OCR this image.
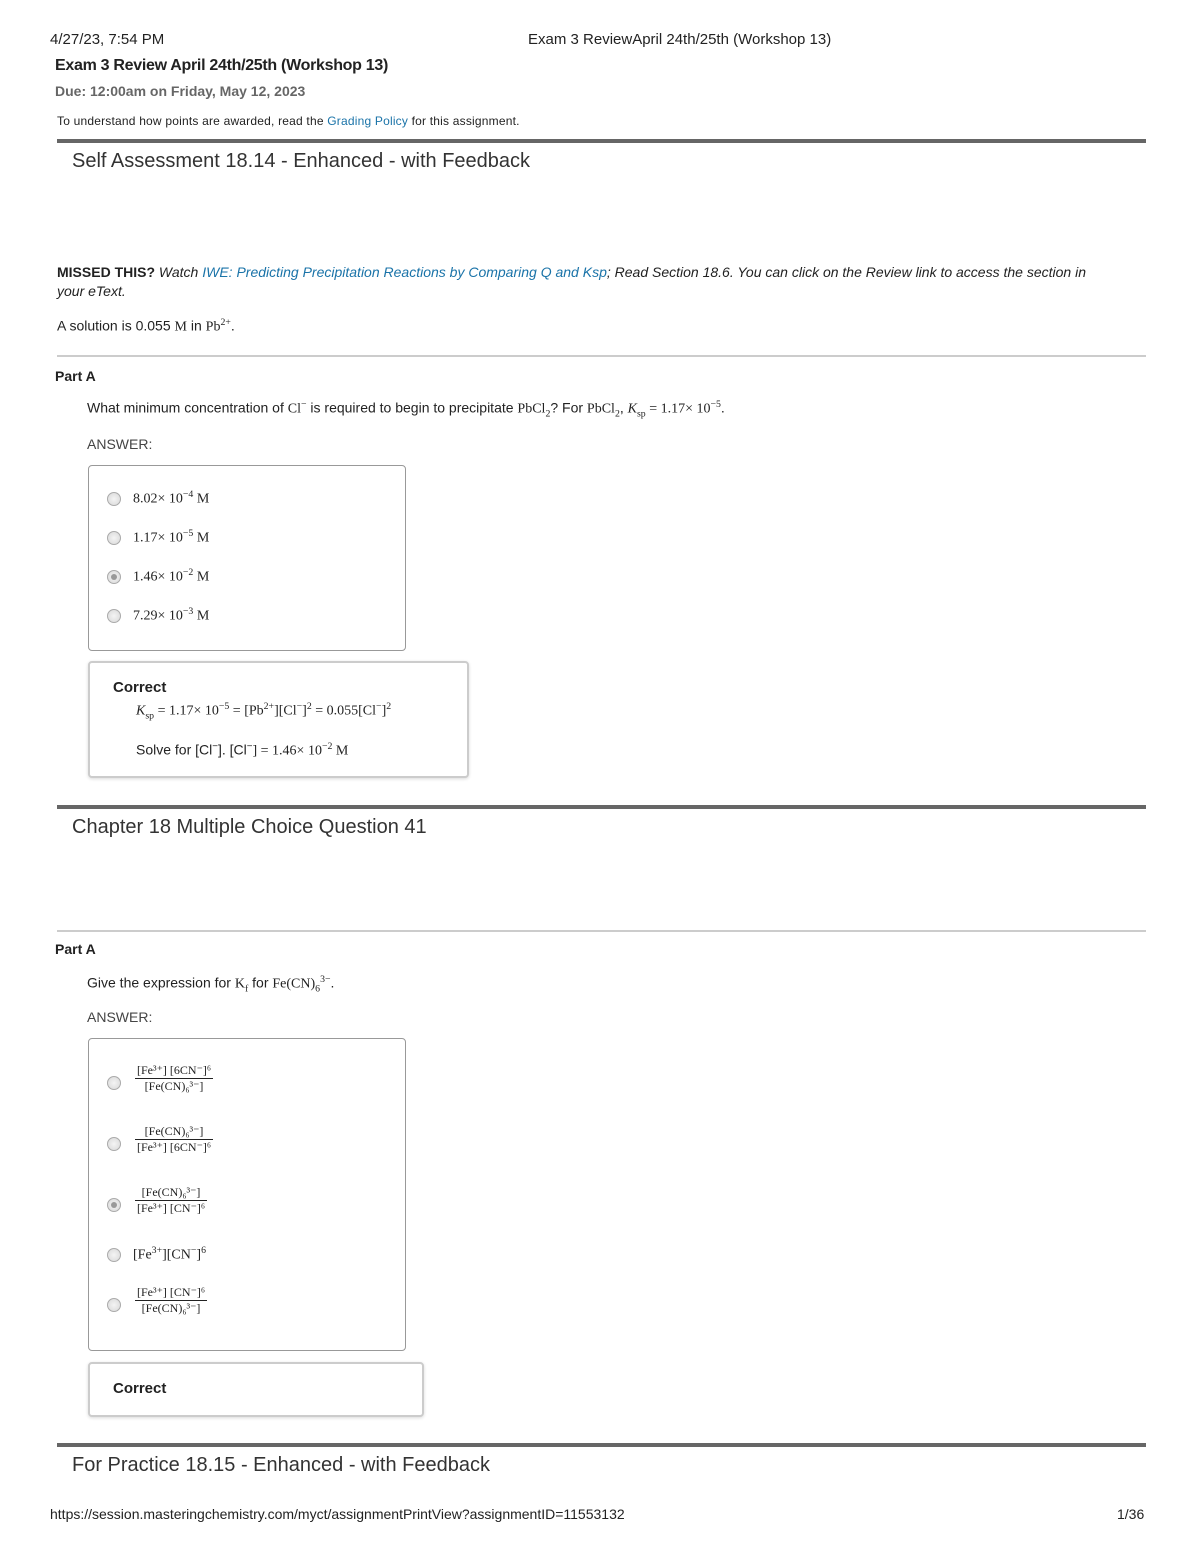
4/27/23, 7:54 PM	Exam 3 ReviewApril 24th/25th (Workshop 13)
Exam 3 Review April 24th/25th (Workshop 13)
Due: 12:00am on Friday, May 12, 2023
To understand how points are awarded, read the Grading Policy for this assignment.
Self Assessment 18.14 - Enhanced - with Feedback
MISSED THIS? Watch IWE: Predicting Precipitation Reactions by Comparing Q and Ksp; Read Section 18.6. You can click on the Review link to access the section in your eText.
A solution is 0.055 M in $Pb^{2+}$.
Part A
What minimum concentration of Cl− is required to begin to precipitate PbCl$_2$? For PbCl$_2$, $K_{sp} = 1.17\times 10^{-5}$.
ANSWER:
$8.02\times 10^{-4}$ M
$1.17\times 10^{-5}$ M
$1.46\times 10^{-2}$ M
$7.29\times 10^{-3}$ M
Correct
$K_{sp} = 1.17\times 10^{-5} = [Pb^{2+}][Cl^-]^2 = 0.055[Cl^-]^2$
Solve for [Cl−]. $[Cl^-] = 1.46\times 10^{-2}$ M
Chapter 18 Multiple Choice Question 41
Part A
Give the expression for $K_f$ for $Fe(CN)_6^{3-}$.
ANSWER:
$\frac{\text{[Fe³⁺] [6CN⁻]⁶}}{\text{[Fe(CN)₆³⁻]}}$
$\frac{\text{[Fe(CN)₆³⁻]}}{\text{[Fe³⁺] [6CN⁻]⁶}}$
$\frac{\text{[Fe(CN)₆³⁻]}}{\text{[Fe³⁺] [CN⁻]⁶}}$
$[Fe^{3+}][CN^-]^6$
$\frac{\text{[Fe³⁺] [CN⁻]⁶}}{\text{[Fe(CN)₆³⁻]}}$
Correct
For Practice 18.15 - Enhanced - with Feedback
https://session.masteringchemistry.com/myct/assignmentPrintView?assignmentID=11553132	1/36
